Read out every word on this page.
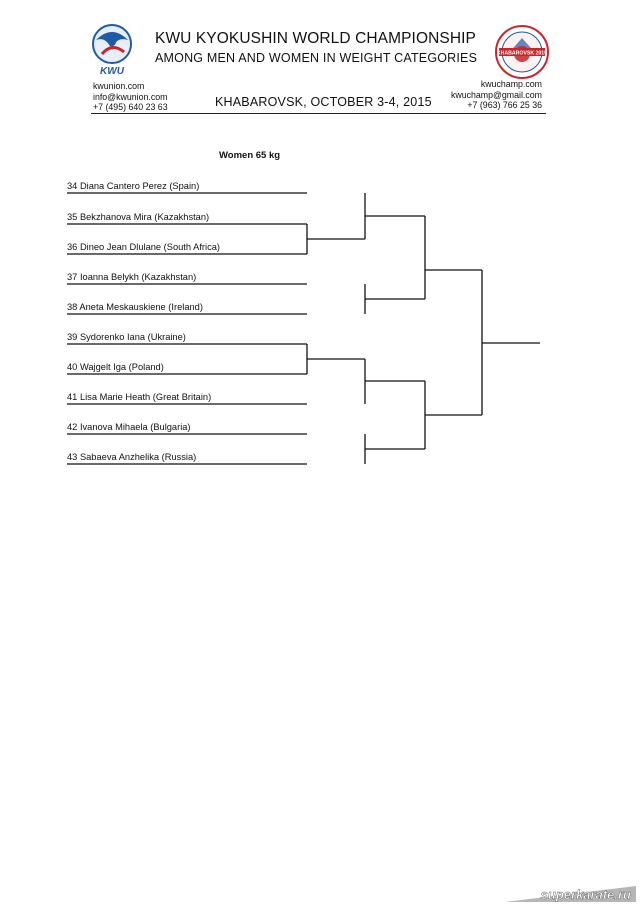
KWU
KWU KYOKUSHIN WORLD CHAMPIONSHIP
AMONG MEN AND WOMEN IN WEIGHT CATEGORIES	KHABAROVSK 2015
kwunion.com
info@kwunion.com
+7 (495) 640 23 63
kwuchamp.com
kwuchamp@gmail.com
+7 (963) 766 25 36
KHABAROVSK, OCTOBER 3-4, 2015
Women 65 kg
34 Diana Cantero Perez (Spain)
35 Bekzhanova Mira (Kazakhstan)
36 Dineo Jean Dlulane (South Africa)
37 Ioanna Belykh (Kazakhstan)
38 Aneta Meskauskiene (Ireland)
39 Sydorenko Iana (Ukraine)
40 Wajgelt Iga (Poland)
41 Lisa Marie Heath (Great Britain)
42 Ivanova Mihaela (Bulgaria)
43 Sabaeva Anzhelika (Russia)
superkarate.ru
